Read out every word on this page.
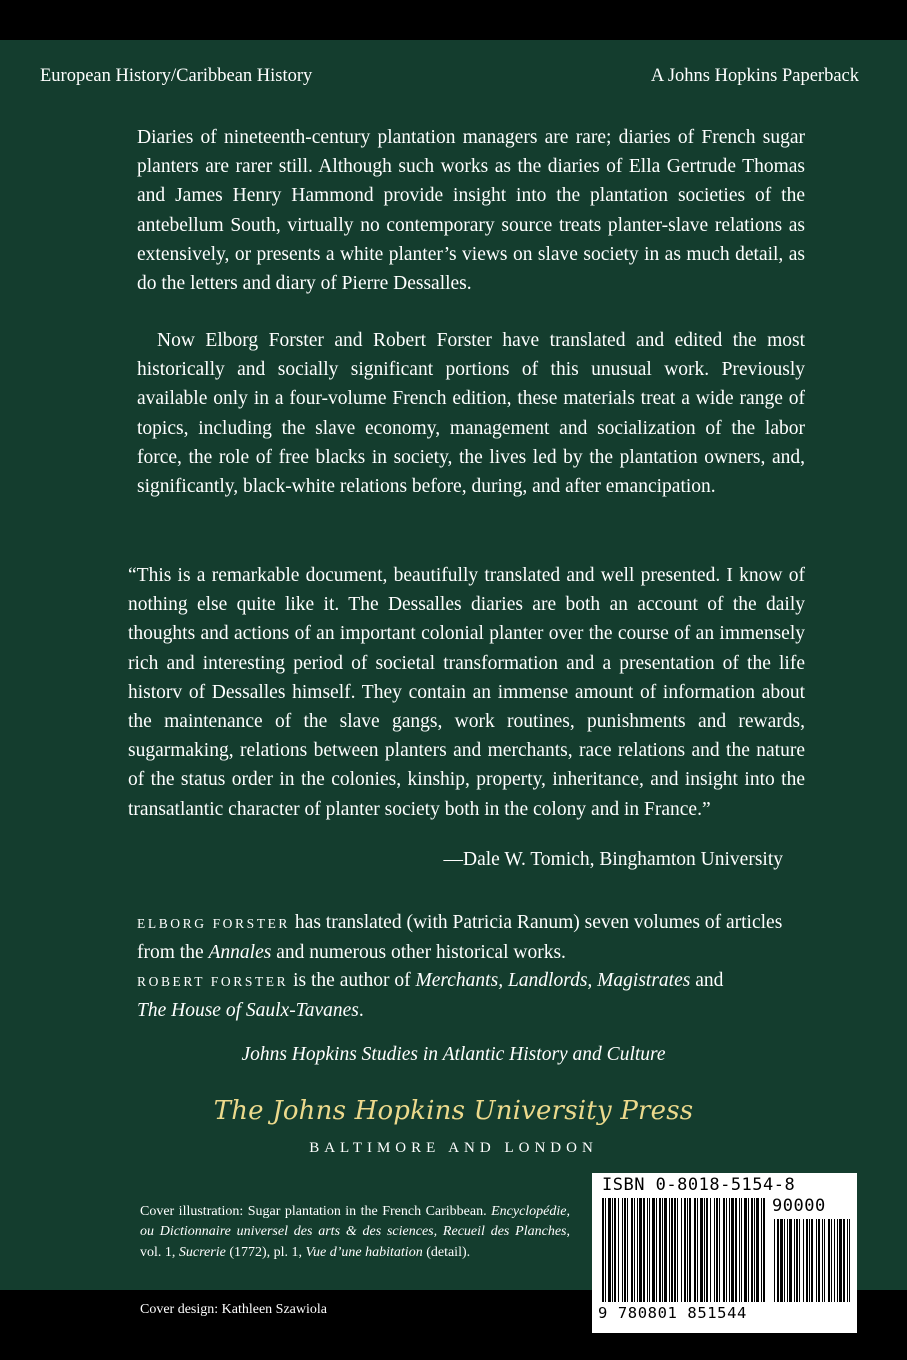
European History/Caribbean History	A Johns Hopkins Paperback

Diaries of nineteenth-century plantation managers are rare; diaries of French sugar planters are rarer still. Although such works as the diaries of Ella Gertrude Thomas and James Henry Hammond provide insight into the plantation societies of the antebellum South, virtually no contemporary source treats planter-slave relations as extensively, or presents a white planter’s views on slave society in as much detail, as do the letters and diary of Pierre Dessalles.

Now Elborg Forster and Robert Forster have translated and edited the most historically and socially significant portions of this unusual work. Previously available only in a four-volume French edition, these materials treat a wide range of topics, including the slave economy, management and socialization of the labor force, the role of free blacks in society, the lives led by the plantation owners, and, significantly, black-white relations before, during, and after emancipation.

“This is a remarkable document, beautifully translated and well presented. I know of nothing else quite like it. The Dessalles diaries are both an account of the daily thoughts and actions of an important colonial planter over the course of an immensely rich and interesting period of societal transformation and a presentation of the life historv of Dessalles himself. They contain an immense amount of information about the maintenance of the slave gangs, work routines, punishments and rewards, sugarmaking, relations between planters and merchants, race relations and the nature of the status order in the colonies, kinship, property, inheritance, and insight into the transatlantic character of planter society both in the colony and in France.”

—Dale W. Tomich, Binghamton University
ELBORG FORSTER has translated (with Patricia Ranum) seven volumes of articles from the Annales and numerous other historical works.
ROBERT FORSTER is the author of Merchants, Landlords, Magistrates and
The House of Saulx-Tavanes.
Johns Hopkins Studies in Atlantic History and Culture
The Johns Hopkins University Press
BALTIMORE AND LONDON
Cover illustration: Sugar plantation in the French Caribbean. Encyclopédie, ou Dictionnaire universel des arts & des sciences, Recueil des Planches, vol. 1, Sucrerie (1772), pl. 1, Vue d’une habitation (detail).
Cover design: Kathleen Szawiola
ISBN 0-8018-5154-8
90000
9 780801 851544
